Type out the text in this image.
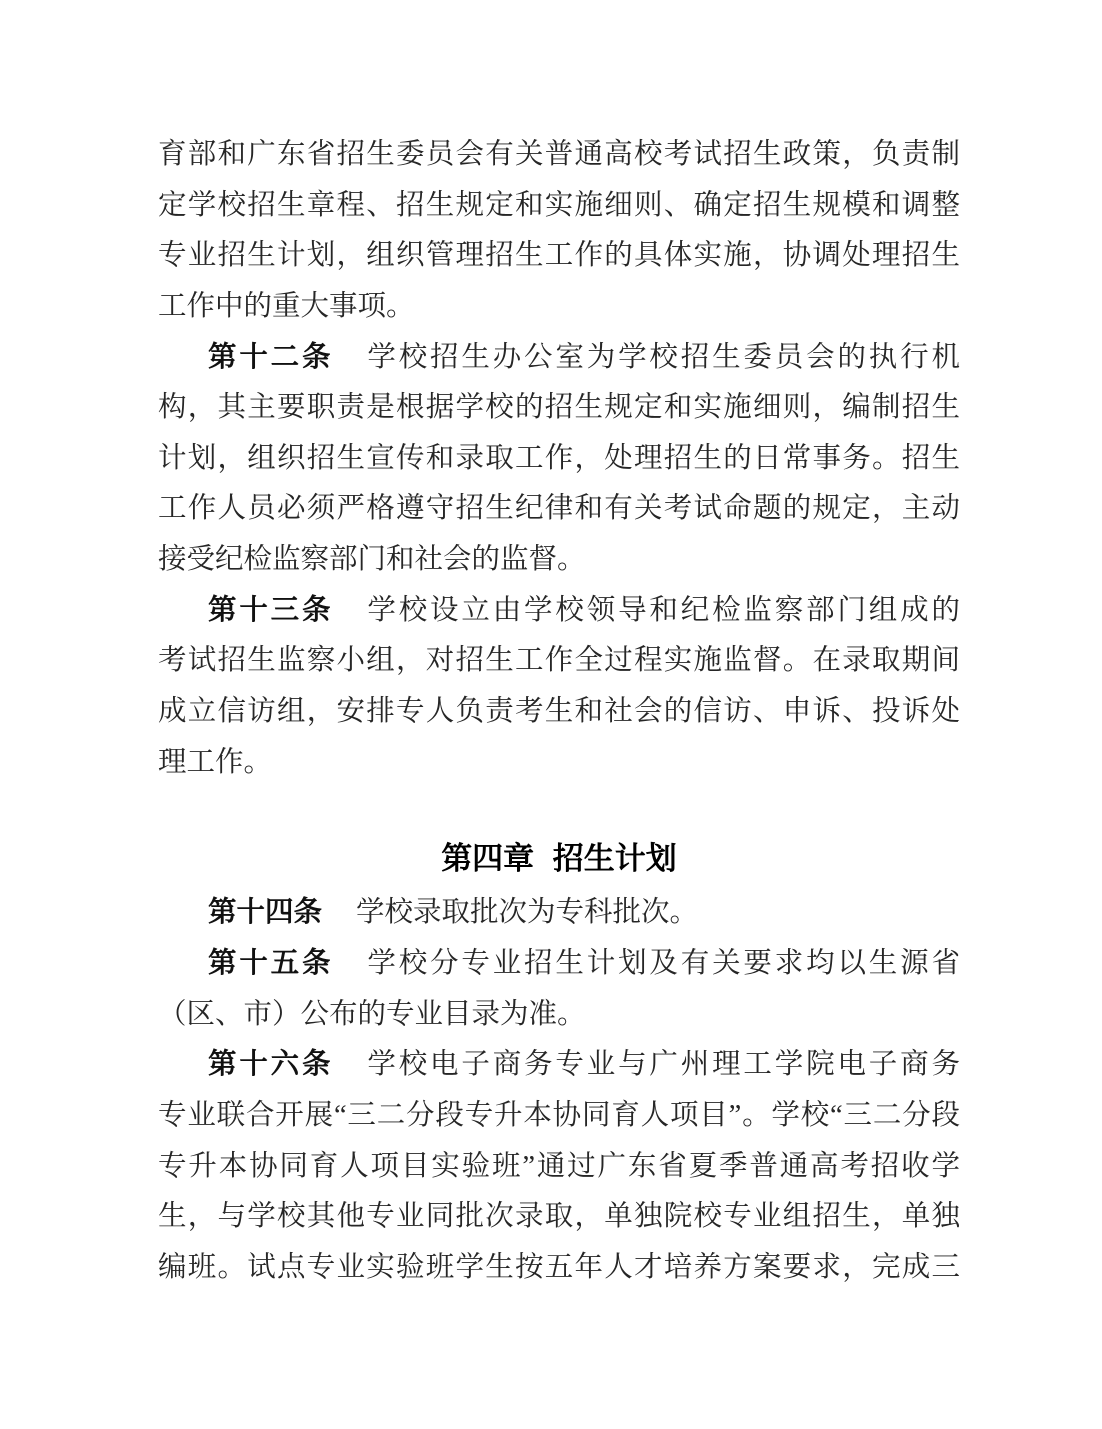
育部和广东省招生委员会有关普通高校考试招生政策，负责制
定学校招生章程、招生规定和实施细则、确定招生规模和调整
专业招生计划，组织管理招生工作的具体实施，协调处理招生
工作中的重大事项。
第十二条 学校招生办公室为学校招生委员会的执行机
构，其主要职责是根据学校的招生规定和实施细则，编制招生
计划，组织招生宣传和录取工作，处理招生的日常事务。招生
工作人员必须严格遵守招生纪律和有关考试命题的规定，主动
接受纪检监察部门和社会的监督。
第十三条 学校设立由学校领导和纪检监察部门组成的
考试招生监察小组，对招生工作全过程实施监督。在录取期间
成立信访组，安排专人负责考生和社会的信访、申诉、投诉处
理工作。
第四章 招生计划
第十四条 学校录取批次为专科批次。
第十五条 学校分专业招生计划及有关要求均以生源省
（区、市）公布的专业目录为准。
第十六条 学校电子商务专业与广州理工学院电子商务
专业联合开展“三二分段专升本协同育人项目”。学校“三二分段
专升本协同育人项目实验班”通过广东省夏季普通高考招收学
生，与学校其他专业同批次录取，单独院校专业组招生，单独
编班。试点专业实验班学生按五年人才培养方案要求，完成三
